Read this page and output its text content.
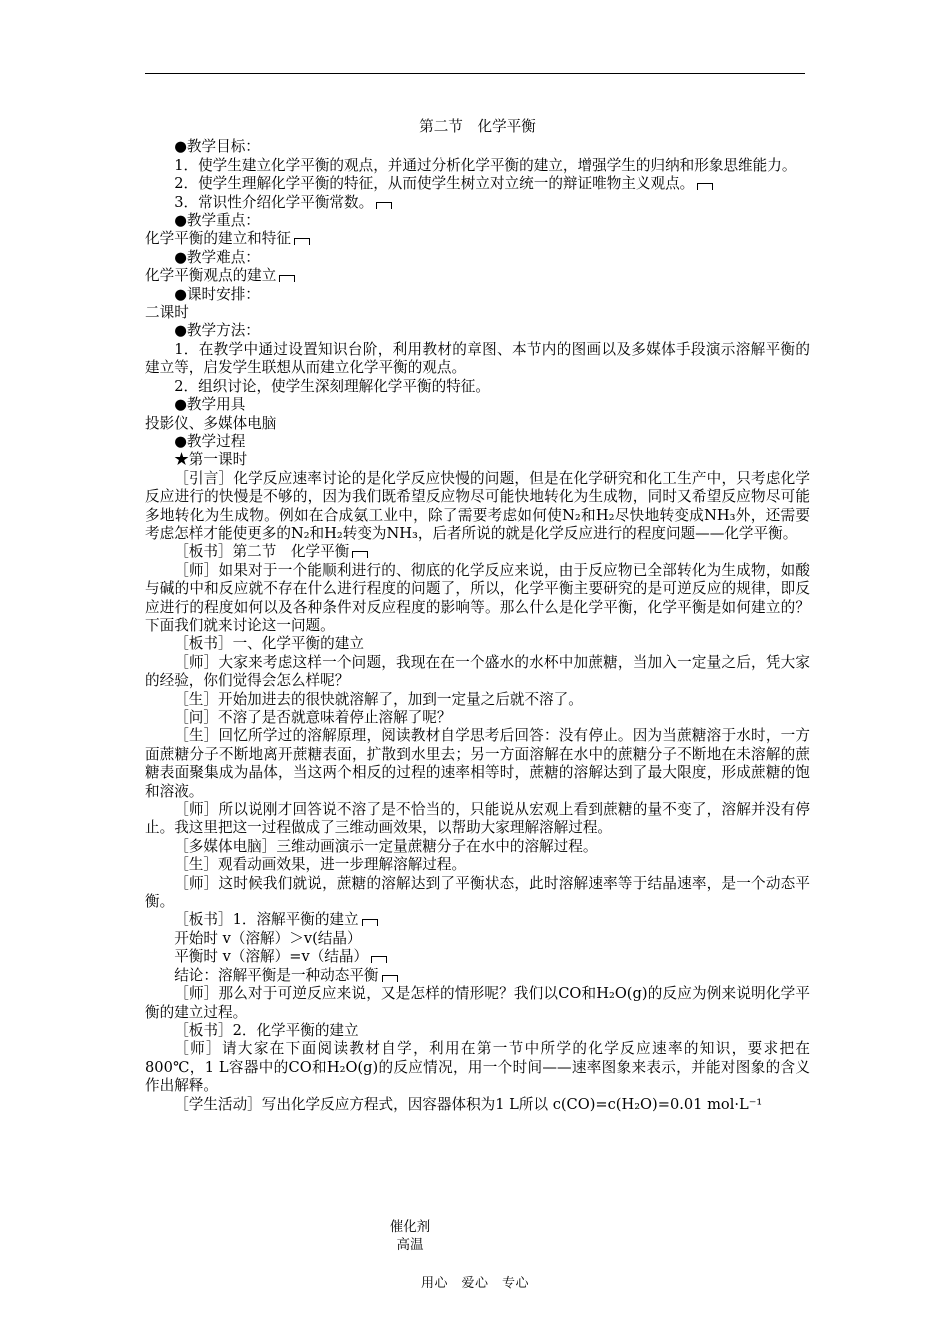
第二节　化学平衡
●教学目标：
1．使学生建立化学平衡的观点，并通过分析化学平衡的建立，增强学生的归纳和形象思维能力。
2．使学生理解化学平衡的特征，从而使学生树立对立统一的辩证唯物主义观点。
3．常识性介绍化学平衡常数。
●教学重点：
化学平衡的建立和特征
●教学难点：
化学平衡观点的建立
●课时安排：
二课时
●教学方法：
1．在教学中通过设置知识台阶，利用教材的章图、本节内的图画以及多媒体手段演示溶解平衡的建立等，启发学生联想从而建立化学平衡的观点。
2．组织讨论，使学生深刻理解化学平衡的特征。
●教学用具
投影仪、多媒体电脑
●教学过程
★第一课时
［引言］化学反应速率讨论的是化学反应快慢的问题，但是在化学研究和化工生产中，只考虑化学反应进行的快慢是不够的，因为我们既希望反应物尽可能快地转化为生成物，同时又希望反应物尽可能多地转化为生成物。例如在合成氨工业中，除了需要考虑如何使N₂和H₂尽快地转变成NH₃外，还需要考虑怎样才能使更多的N₂和H₂转变为NH₃，后者所说的就是化学反应进行的程度问题——化学平衡。
［板书］第二节　化学平衡
［师］如果对于一个能顺利进行的、彻底的化学反应来说，由于反应物已全部转化为生成物，如酸与碱的中和反应就不存在什么进行程度的问题了，所以，化学平衡主要研究的是可逆反应的规律，即反应进行的程度如何以及各种条件对反应程度的影响等。那么什么是化学平衡，化学平衡是如何建立的？下面我们就来讨论这一问题。
［板书］一、化学平衡的建立
［师］大家来考虑这样一个问题，我现在在一个盛水的水杯中加蔗糖，当加入一定量之后，凭大家的经验，你们觉得会怎么样呢？
［生］开始加进去的很快就溶解了，加到一定量之后就不溶了。
［问］不溶了是否就意味着停止溶解了呢？
［生］回忆所学过的溶解原理，阅读教材自学思考后回答：没有停止。因为当蔗糖溶于水时，一方面蔗糖分子不断地离开蔗糖表面，扩散到水里去；另一方面溶解在水中的蔗糖分子不断地在未溶解的蔗糖表面聚集成为晶体，当这两个相反的过程的速率相等时，蔗糖的溶解达到了最大限度，形成蔗糖的饱和溶液。
［师］所以说刚才回答说不溶了是不恰当的，只能说从宏观上看到蔗糖的量不变了，溶解并没有停止。我这里把这一过程做成了三维动画效果，以帮助大家理解溶解过程。
［多媒体电脑］三维动画演示一定量蔗糖分子在水中的溶解过程。
［生］观看动画效果，进一步理解溶解过程。
［师］这时候我们就说，蔗糖的溶解达到了平衡状态，此时溶解速率等于结晶速率，是一个动态平衡。
［板书］1．溶解平衡的建立
开始时 v（溶解）＞v(结晶）
平衡时 v（溶解）=v（结晶）
结论：溶解平衡是一种动态平衡
［师］那么对于可逆反应来说，又是怎样的情形呢？我们以CO和H₂O(g)的反应为例来说明化学平衡的建立过程。
［板书］2．化学平衡的建立
［师］请大家在下面阅读教材自学，利用在第一节中所学的化学反应速率的知识，要求把在800℃，1 L容器中的CO和H₂O(g)的反应情况，用一个时间——速率图象来表示，并能对图象的含义作出解释。
［学生活动］写出化学反应方程式，因容器体积为1 L所以 c(CO)=c(H₂O)=0.01 mol·L⁻¹
催化剂
高温
用心　爱心　专心
